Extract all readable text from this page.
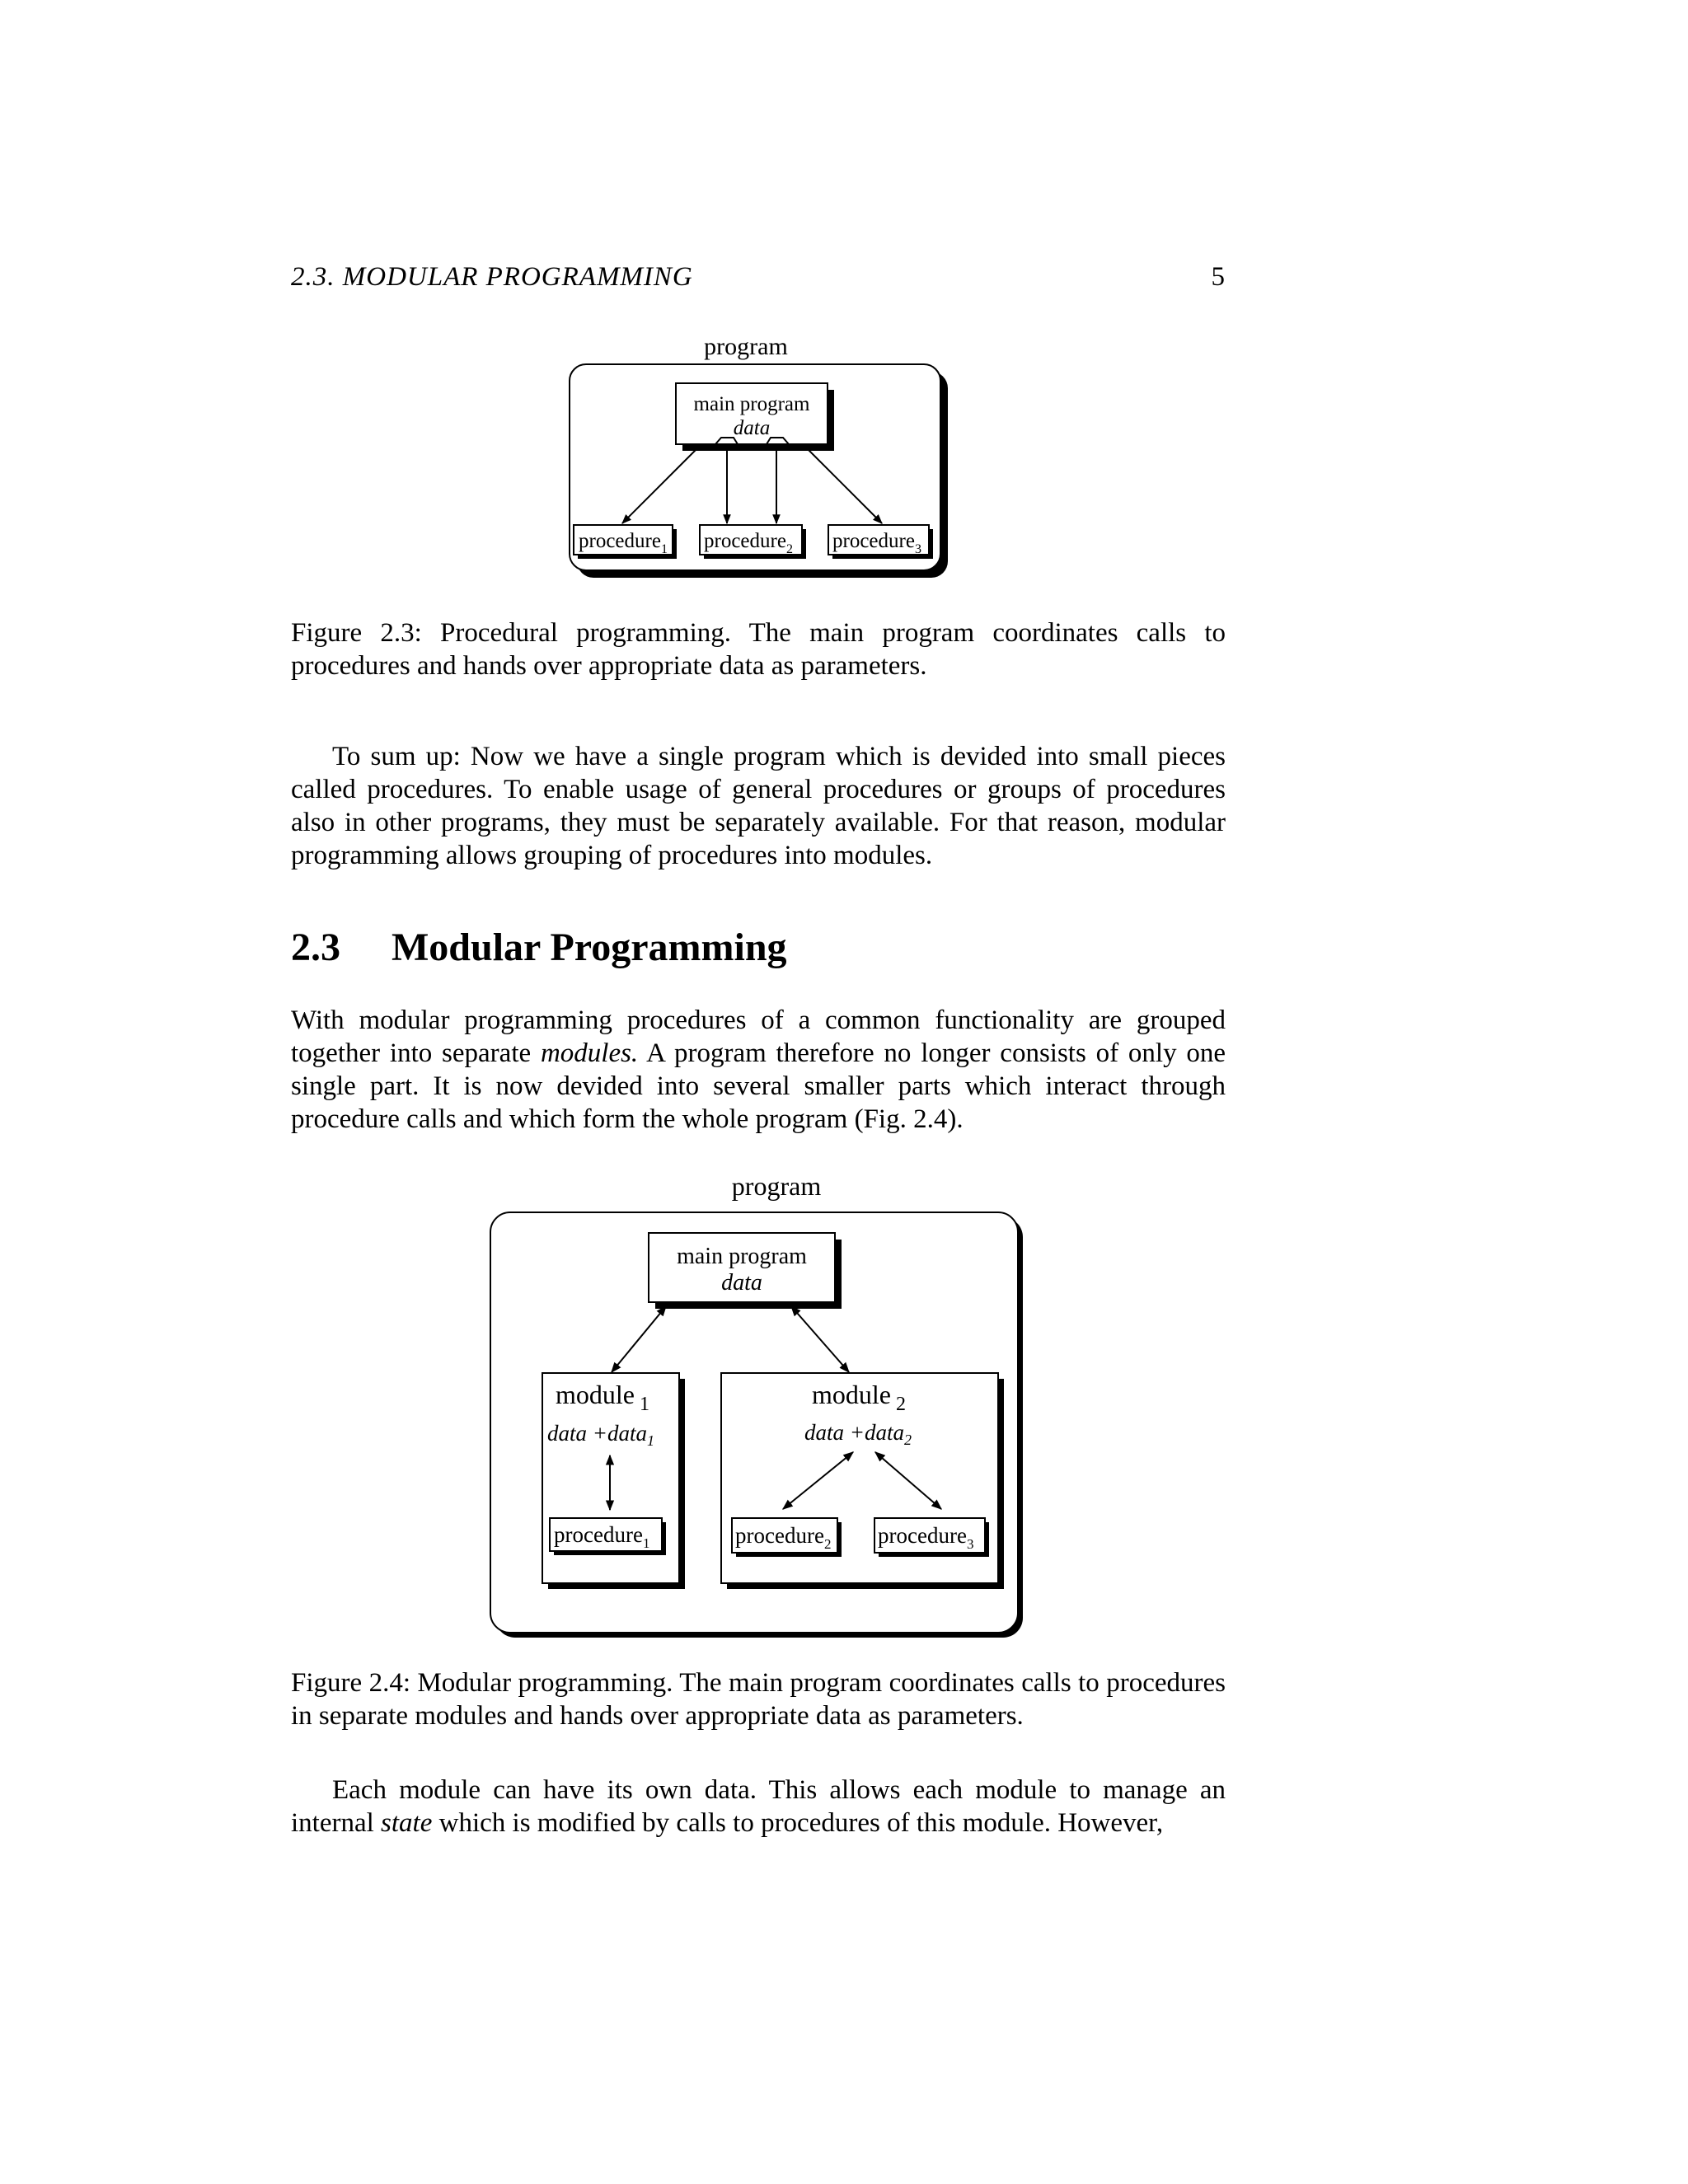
2.3. MODULAR PROGRAMMING	5
program
main program
data
procedure$_1$ procedure$_2$ procedure$_3$
Figure 2.3: Procedural programming. The main program coordinates calls to procedures and hands over appropriate data as parameters.
To sum up: Now we have a single program which is devided into small pieces called procedures. To enable usage of general procedures or groups of procedures also in other programs, they must be separately available. For that reason, modular programming allows grouping of procedures into modules.
2.3 Modular Programming
With modular programming procedures of a common functionality are grouped together into separate modules. A program therefore no longer consists of only one single part. It is now devided into several smaller parts which interact through procedure calls and which form the whole program (Fig. 2.4).
program
main program
data
module $_1$
data +data$_1$
procedure$_1$
module $_2$
data +data$_2$
procedure$_2$ procedure$_3$
Figure 2.4: Modular programming. The main program coordinates calls to procedures in separate modules and hands over appropriate data as parameters.
Each module can have its own data. This allows each module to manage an internal state which is modified by calls to procedures of this module. However,
